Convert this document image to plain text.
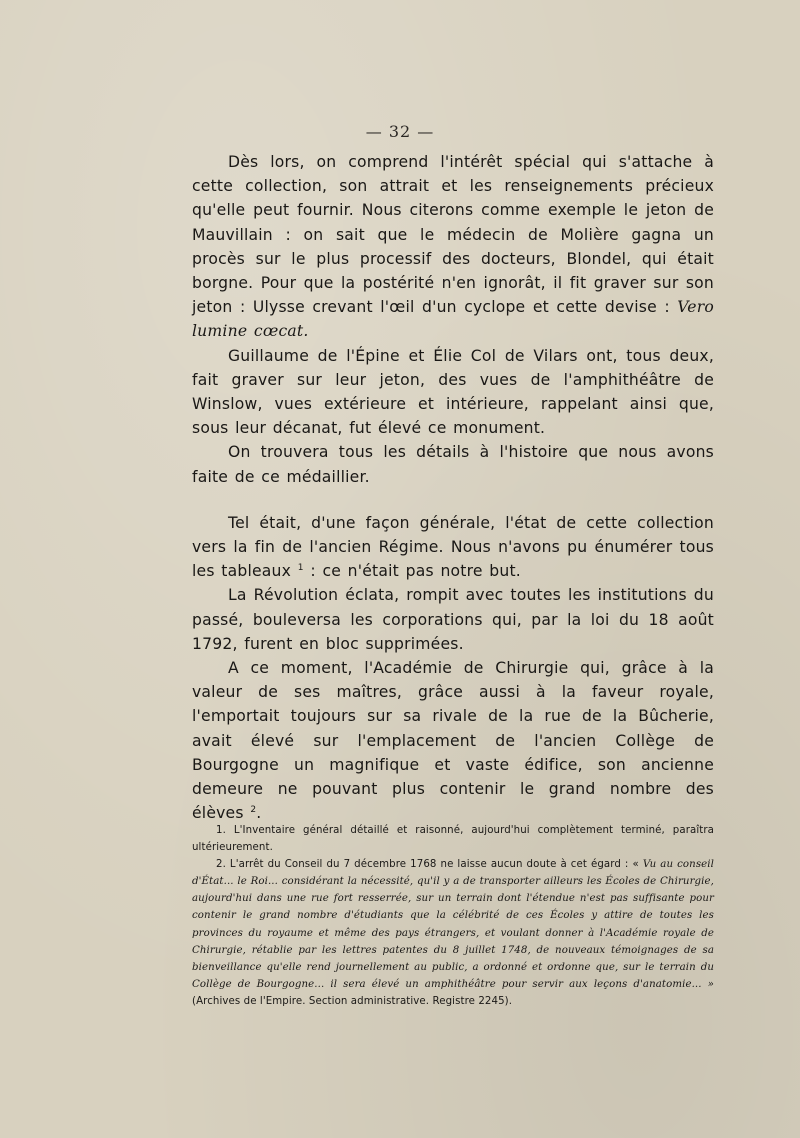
— 32 —

Dès lors, on comprend l'intérêt spécial qui s'attache à cette collection, son attrait et les renseignements précieux qu'elle peut fournir. Nous citerons comme exemple le jeton de Mauvillain : on sait que le médecin de Molière gagna un procès sur le plus processif des docteurs, Blondel, qui était borgne. Pour que la postérité n'en ignorât, il fit graver sur son jeton : Ulysse crevant l'œil d'un cyclope et cette devise : Vero lumine cœcat.

Guillaume de l'Épine et Élie Col de Vilars ont, tous deux, fait graver sur leur jeton, des vues de l'amphithéâtre de Winslow, vues extérieure et intérieure, rappelant ainsi que, sous leur décanat, fut élevé ce monument.

On trouvera tous les détails à l'histoire que nous avons faite de ce médaillier.

Tel était, d'une façon générale, l'état de cette collection vers la fin de l'ancien Régime. Nous n'avons pu énumérer tous les tableaux $^1$ : ce n'était pas notre but.

La Révolution éclata, rompit avec toutes les institutions du passé, bouleversa les corporations qui, par la loi du 18 août 1792, furent en bloc supprimées.

A ce moment, l'Académie de Chirurgie qui, grâce à la valeur de ses maîtres, grâce aussi à la faveur royale, l'emportait toujours sur sa rivale de la rue de la Bûcherie, avait élevé sur l'emplacement de l'ancien Collège de Bourgogne un magnifique et vaste édifice, son ancienne demeure ne pouvant plus contenir le grand nombre des élèves $^2$.

1. L'Inventaire général détaillé et raisonné, aujourd'hui complètement terminé, paraîtra ultérieurement.

2. L'arrêt du Conseil du 7 décembre 1768 ne laisse aucun doute à cet égard : « Vu au conseil d'État... le Roi... considérant la nécessité, qu'il y a de transporter ailleurs les Écoles de Chirurgie, aujourd'hui dans une rue fort resserrée, sur un terrain dont l'étendue n'est pas suffisante pour contenir le grand nombre d'étudiants que la célébrité de ces Écoles y attire de toutes les provinces du royaume et même des pays étrangers, et voulant donner à l'Académie royale de Chirurgie, rétablie par les lettres patentes du 8 juillet 1748, de nouveaux témoignages de sa bienveillance qu'elle rend journellement au public, a ordonné et ordonne que, sur le terrain du Collège de Bourgogne... il sera élevé un amphithéâtre pour servir aux leçons d'anatomie... » (Archives de l'Empire. Section administrative. Registre 2245).
